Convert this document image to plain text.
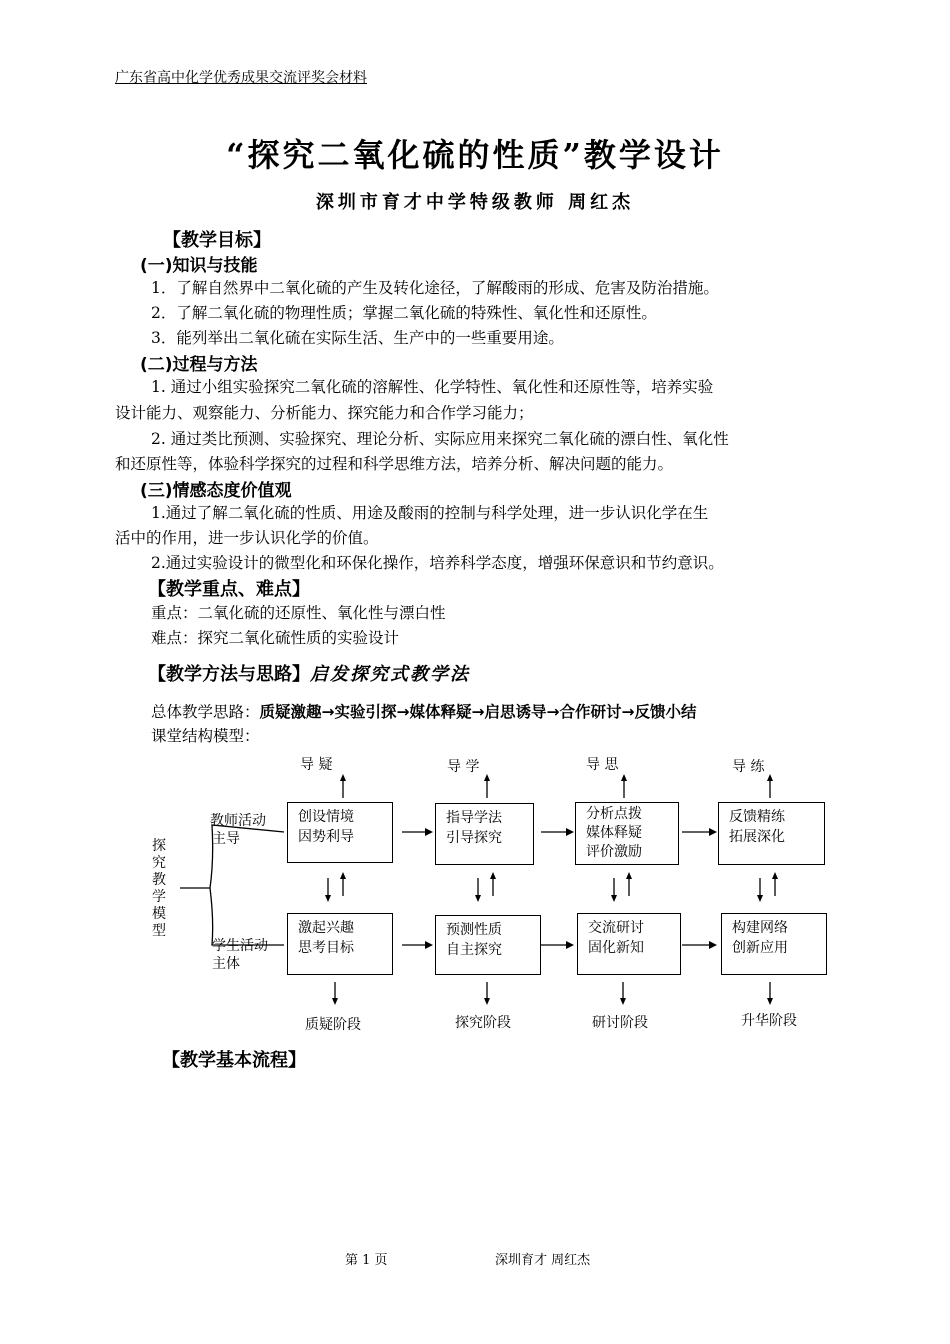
广东省高中化学优秀成果交流评奖会材料
“探究二氧化硫的性质”教学设计
深圳市育才中学特级教师 周红杰
【教学目标】
(一)知识与技能
1．了解自然界中二氧化硫的产生及转化途径，了解酸雨的形成、危害及防治措施。
2．了解二氧化硫的物理性质；掌握二氧化硫的特殊性、氧化性和还原性。
3．能列举出二氧化硫在实际生活、生产中的一些重要用途。
(二)过程与方法
1. 通过小组实验探究二氧化硫的溶解性、化学特性、氧化性和还原性等，培养实验
设计能力、观察能力、分析能力、探究能力和合作学习能力；
2. 通过类比预测、实验探究、理论分析、实际应用来探究二氧化硫的漂白性、氧化性
和还原性等，体验科学探究的过程和科学思维方法，培养分析、解决问题的能力。
(三)情感态度价值观
1.通过了解二氧化硫的性质、用途及酸雨的控制与科学处理，进一步认识化学在生
活中的作用，进一步认识化学的价值。
2.通过实验设计的微型化和环保化操作，培养科学态度，增强环保意识和节约意识。
【教学重点、难点】
重点：二氧化硫的还原性、氧化性与漂白性
难点：探究二氧化硫性质的实验设计
【教学方法与思路】启发探究式教学法
总体教学思路：质疑激趣→实验引探→媒体释疑→启思诱导→合作研讨→反馈小结
课堂结构模型：
探究教学模型
教师活动
主导
学生活动
主体
导 疑	导 学	导 思	导 练
创设情境
因势利导
指导学法
引导探究
分析点拨
媒体释疑
评价激励
反馈精练
拓展深化
激起兴趣
思考目标
预测性质
自主探究
交流研讨
固化新知
构建网络
创新应用
质疑阶段	探究阶段	研讨阶段	升华阶段
【教学基本流程】
第 1 页	深圳育才 周红杰
